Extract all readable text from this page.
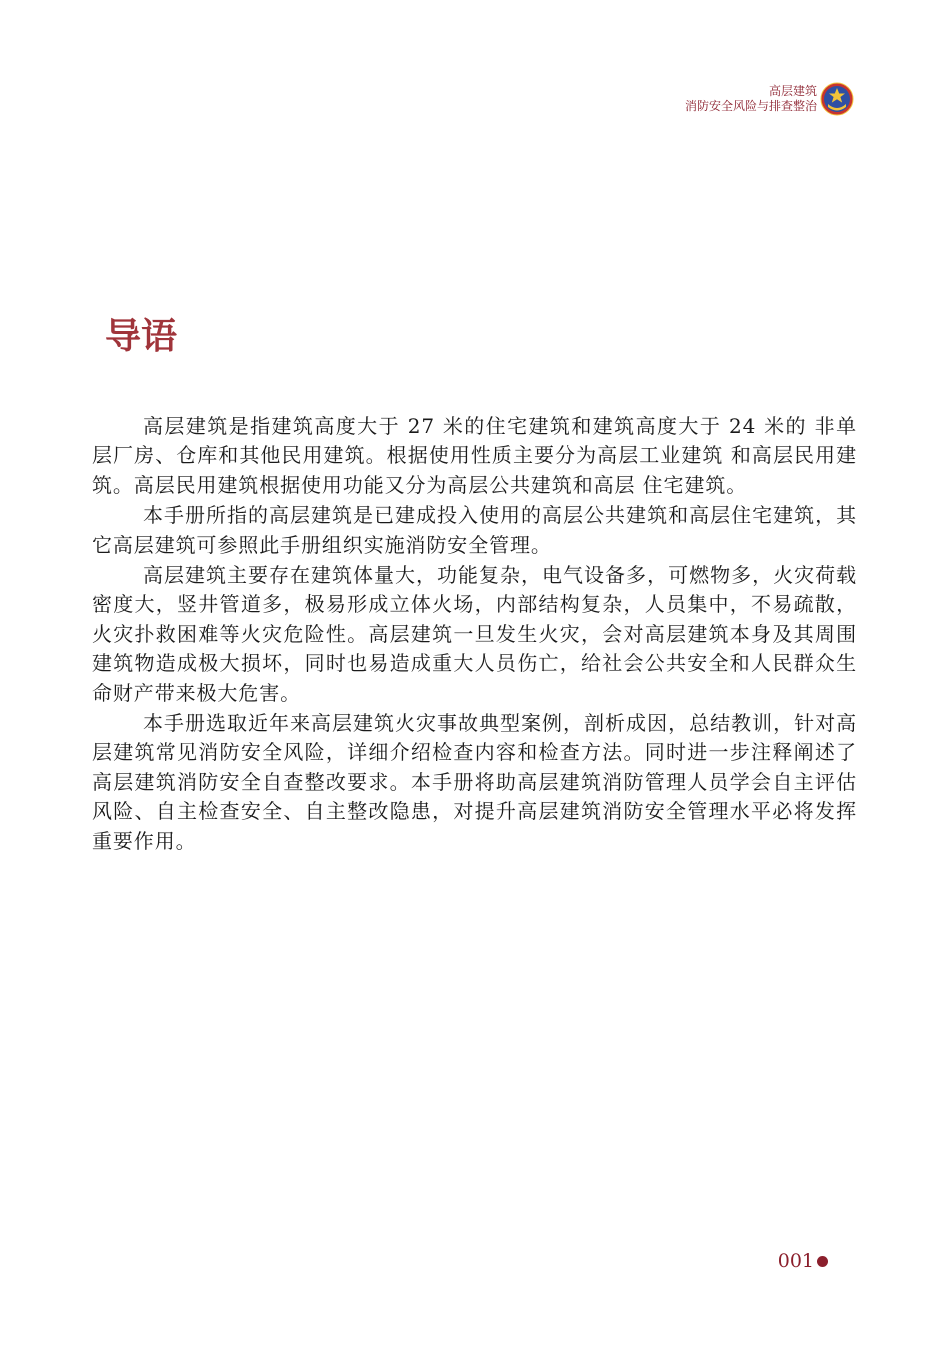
高层建筑
消防安全风险与排查整治
导语

高层建筑是指建筑高度大于 27 米的住宅建筑和建筑高度大于 24 米的 非单层厂房、仓库和其他民用建筑。根据使用性质主要分为高层工业建筑 和高层民用建筑。高层民用建筑根据使用功能又分为高层公共建筑和高层 住宅建筑。

本手册所指的高层建筑是已建成投入使用的高层公共建筑和高层住宅建筑，其它高层建筑可参照此手册组织实施消防安全管理。

高层建筑主要存在建筑体量大，功能复杂，电气设备多，可燃物多，火灾荷载密度大，竖井管道多，极易形成立体火场，内部结构复杂，人员集中，不易疏散，火灾扑救困难等火灾危险性。高层建筑一旦发生火灾，会对高层建筑本身及其周围建筑物造成极大损坏，同时也易造成重大人员伤亡，给社会公共安全和人民群众生命财产带来极大危害。

本手册选取近年来高层建筑火灾事故典型案例，剖析成因，总结教训，针对高层建筑常见消防安全风险，详细介绍检查内容和检查方法。同时进一步注释阐述了高层建筑消防安全自查整改要求。本手册将助高层建筑消防管理人员学会自主评估风险、自主检查安全、自主整改隐患，对提升高层建筑消防安全管理水平必将发挥重要作用。

001
